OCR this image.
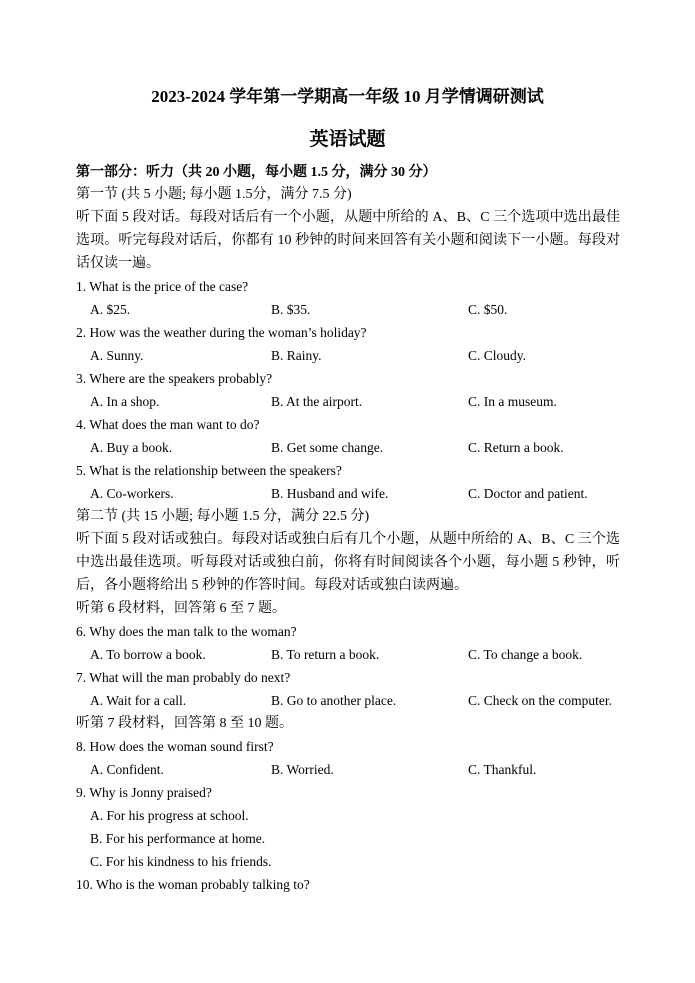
2023-2024 学年第一学期高一年级 10 月学情调研测试
英语试题
第一部分：听力（共 20 小题，每小题 1.5 分，满分 30 分）
第一节 (共 5 小题; 每小题 1.5分，满分 7.5 分)
听下面 5 段对话。每段对话后有一个小题，从题中所给的 A、B、C 三个选项中选出最佳
选项。听完每段对话后，你都有 10 秒钟的时间来回答有关小题和阅读下一小题。每段对
话仅读一遍。
1. What is the price of the case?
A. $25.	B. $35.	C. $50.
2. How was the weather during the woman’s holiday?
A. Sunny.	B. Rainy.	C. Cloudy.
3. Where are the speakers probably?
A. In a shop.	B. At the airport.	C. In a museum.
4. What does the man want to do?
A. Buy a book.	B. Get some change.	C. Return a book.
5. What is the relationship between the speakers?
A. Co-workers.	B. Husband and wife.	C. Doctor and patient.
第二节 (共 15 小题; 每小题 1.5 分，满分 22.5 分)
听下面 5 段对话或独白。每段对话或独白后有几个小题，从题中所给的 A、B、C 三个选
中选出最佳选项。听每段对话或独白前，你将有时间阅读各个小题，每小题 5 秒钟，听
后，各小题将给出 5 秒钟的作答时间。每段对话或独白读两遍。
听第 6 段材料，回答第 6 至 7 题。
6. Why does the man talk to the woman?
A. To borrow a book.	B. To return a book.	C. To change a book.
7. What will the man probably do next?
A. Wait for a call.	B. Go to another place.	C. Check on the computer.
听第 7 段材料，回答第 8 至 10 题。
8. How does the woman sound first?
A. Confident.	B. Worried.	C. Thankful.
9. Why is Jonny praised?
A. For his progress at school.
B. For his performance at home.
C. For his kindness to his friends.
10. Who is the woman probably talking to?
